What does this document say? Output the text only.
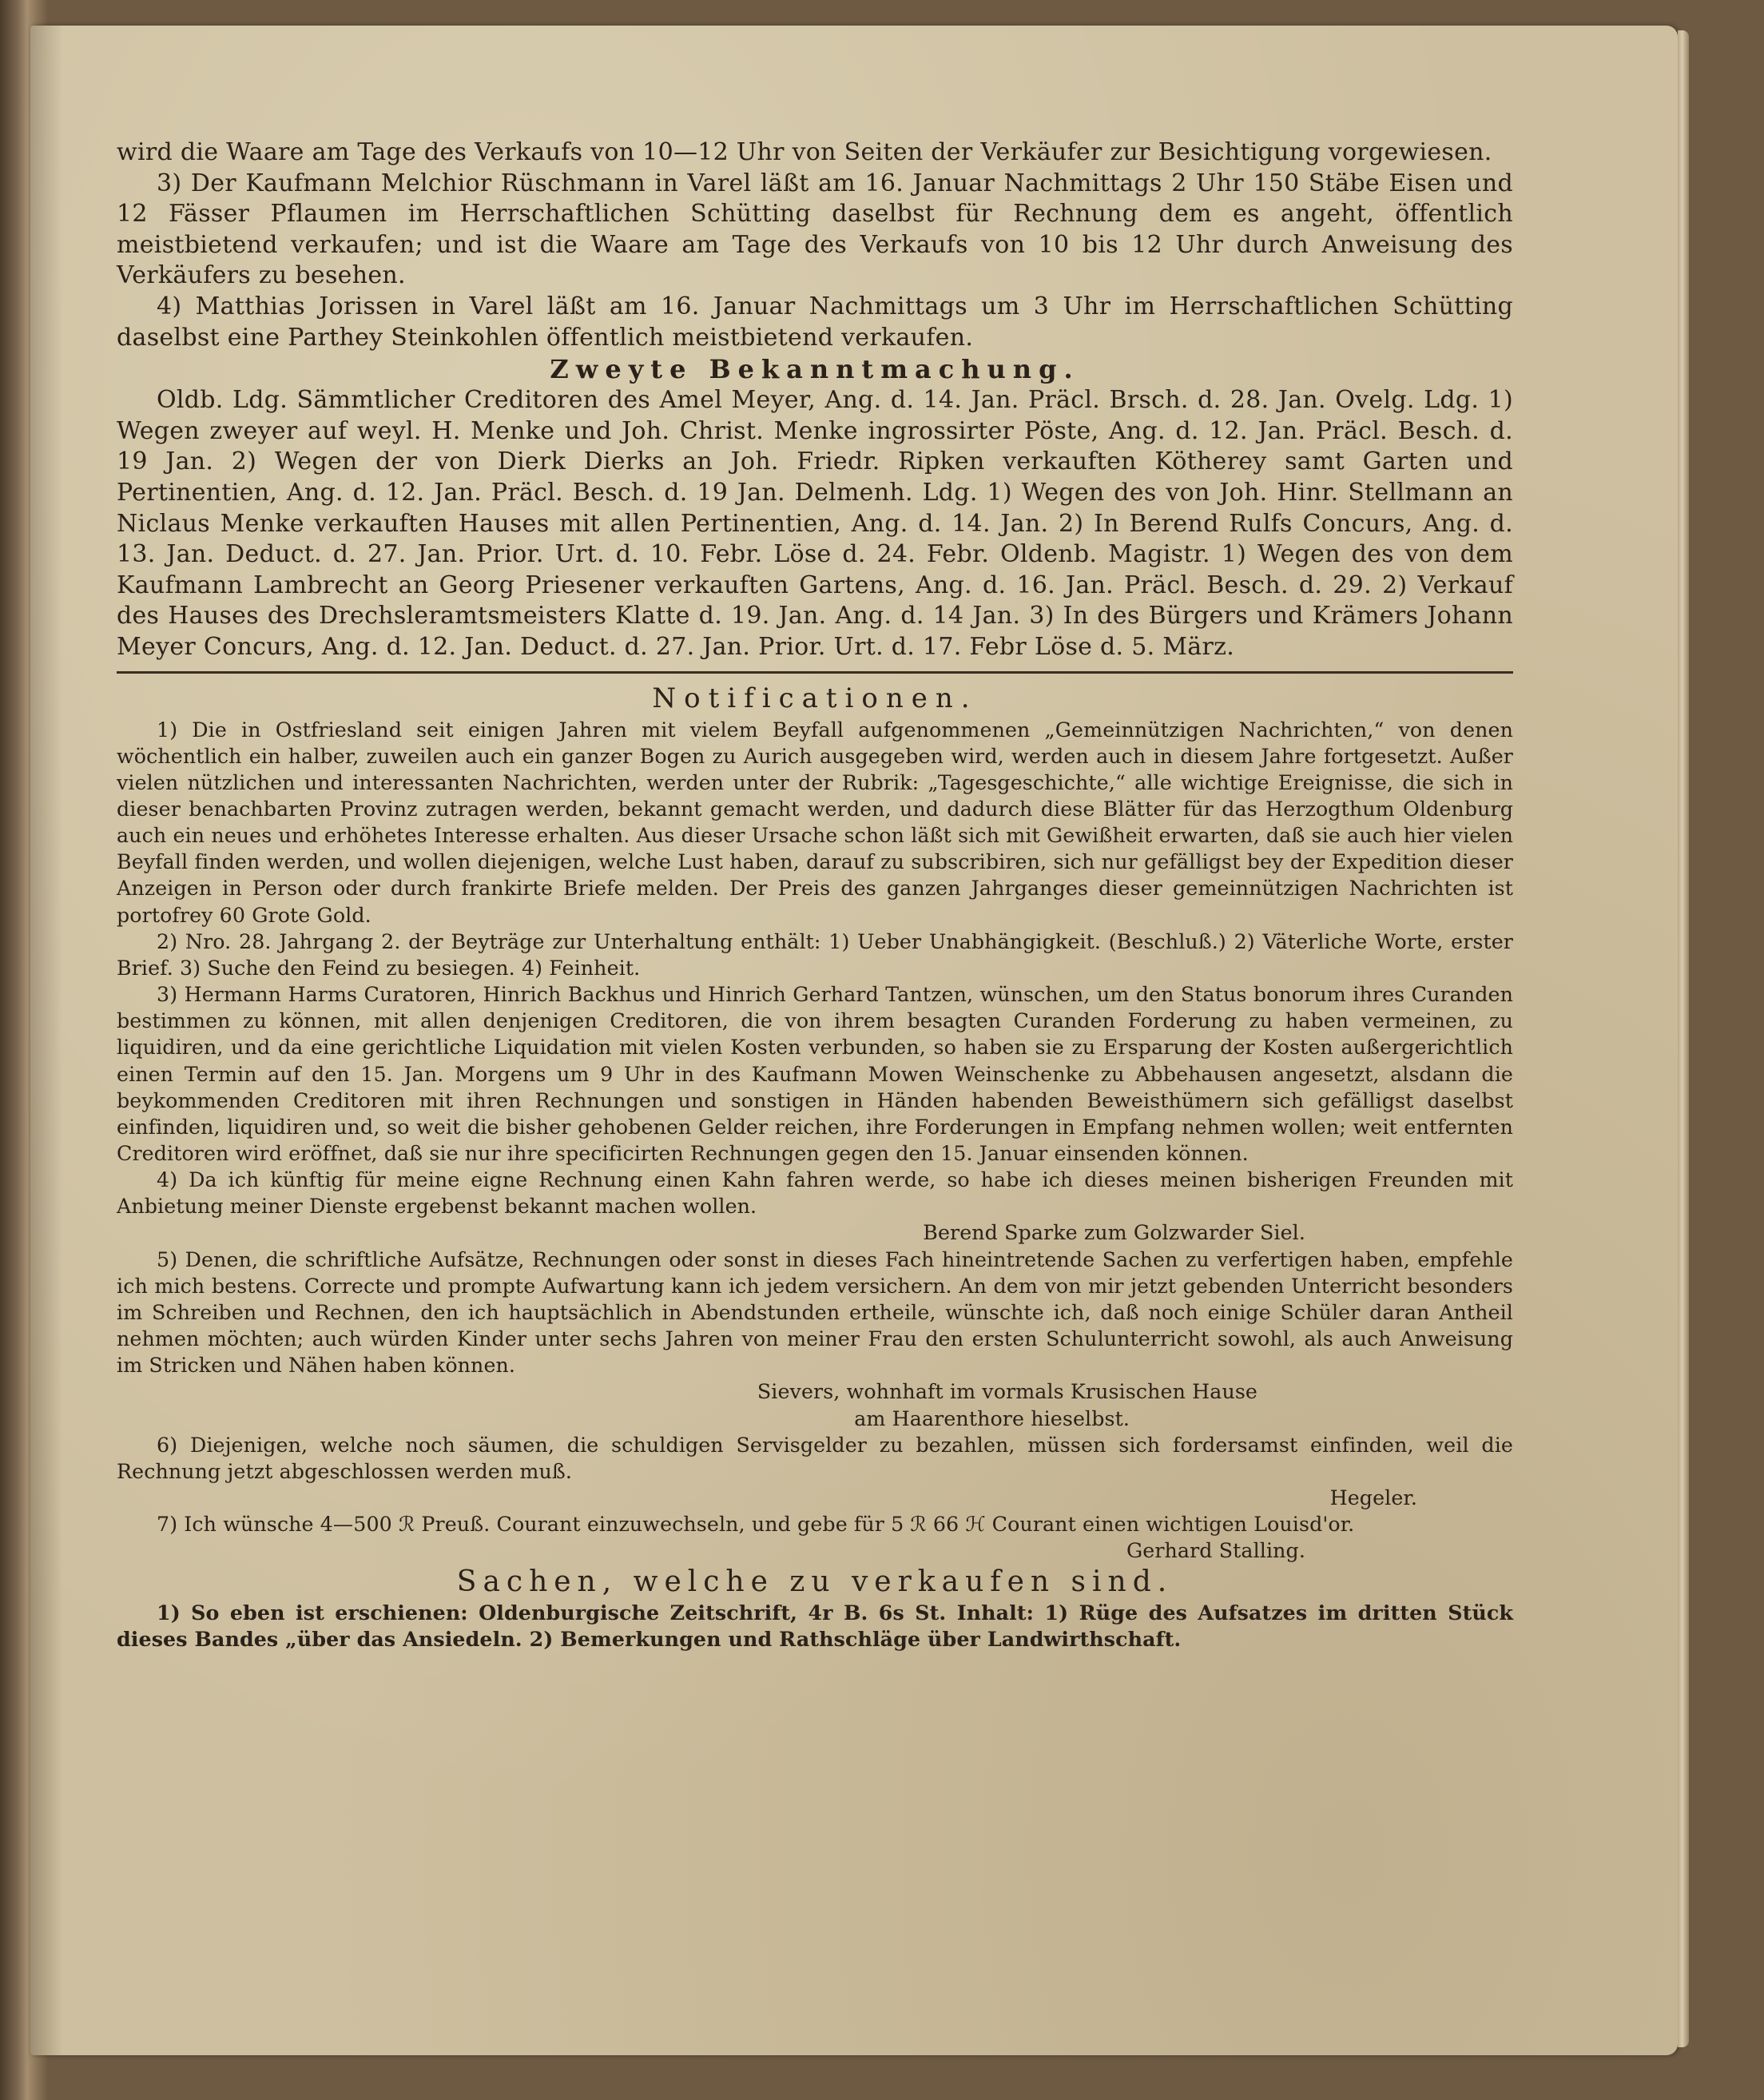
wird die Waare am Tage des Verkaufs von 10—12 Uhr von Seiten der Verkäufer zur Besichtigung vorgewiesen.

3) Der Kaufmann Melchior Rüschmann in Varel läßt am 16. Januar Nachmittags 2 Uhr 150 Stäbe Eisen und 12 Fässer Pflaumen im Herrschaftlichen Schütting daselbst für Rechnung dem es angeht, öffentlich meistbietend verkaufen; und ist die Waare am Tage des Verkaufs von 10 bis 12 Uhr durch Anweisung des Verkäufers zu besehen.

4) Matthias Jorissen in Varel läßt am 16. Januar Nachmittags um 3 Uhr im Herrschaftlichen Schütting daselbst eine Parthey Steinkohlen öffentlich meistbietend verkaufen.

Zweyte Bekanntmachung.

Oldb. Ldg. Sämmtlicher Creditoren des Amel Meyer, Ang. d. 14. Jan. Präcl. Brsch. d. 28. Jan. Ovelg. Ldg. 1) Wegen zweyer auf weyl. H. Menke und Joh. Christ. Menke ingrossirter Pöste, Ang. d. 12. Jan. Präcl. Besch. d. 19 Jan. 2) Wegen der von Dierk Dierks an Joh. Friedr. Ripken verkauften Kötherey samt Garten und Pertinentien, Ang. d. 12. Jan. Präcl. Besch. d. 19 Jan. Delmenh. Ldg. 1) Wegen des von Joh. Hinr. Stellmann an Niclaus Menke verkauften Hauses mit allen Pertinentien, Ang. d. 14. Jan. 2) In Berend Rulfs Concurs, Ang. d. 13. Jan. Deduct. d. 27. Jan. Prior. Urt. d. 10. Febr. Löse d. 24. Febr. Oldenb. Magistr. 1) Wegen des von dem Kaufmann Lambrecht an Georg Priesener verkauften Gartens, Ang. d. 16. Jan. Präcl. Besch. d. 29. 2) Verkauf des Hauses des Drechsleramtsmeisters Klatte d. 19. Jan. Ang. d. 14 Jan. 3) In des Bürgers und Krämers Johann Meyer Concurs, Ang. d. 12. Jan. Deduct. d. 27. Jan. Prior. Urt. d. 17. Febr Löse d. 5. März.

Notificationen.

1) Die in Ostfriesland seit einigen Jahren mit vielem Beyfall aufgenommenen „Gemeinnützigen Nachrichten,“ von denen wöchentlich ein halber, zuweilen auch ein ganzer Bogen zu Aurich ausgegeben wird, werden auch in diesem Jahre fortgesetzt. Außer vielen nützlichen und interessanten Nachrichten, werden unter der Rubrik: „Tagesgeschichte,“ alle wichtige Ereignisse, die sich in dieser benachbarten Provinz zutragen werden, bekannt gemacht werden, und dadurch diese Blätter für das Herzogthum Oldenburg auch ein neues und erhöhetes Interesse erhalten. Aus dieser Ursache schon läßt sich mit Gewißheit erwarten, daß sie auch hier vielen Beyfall finden werden, und wollen diejenigen, welche Lust haben, darauf zu subscribiren, sich nur gefälligst bey der Expedition dieser Anzeigen in Person oder durch frankirte Briefe melden. Der Preis des ganzen Jahrganges dieser gemeinnützigen Nachrichten ist portofrey 60 Grote Gold.

2) Nro. 28. Jahrgang 2. der Beyträge zur Unterhaltung enthält: 1) Ueber Unabhängigkeit. (Beschluß.) 2) Väterliche Worte, erster Brief. 3) Suche den Feind zu besiegen. 4) Feinheit.

3) Hermann Harms Curatoren, Hinrich Backhus und Hinrich Gerhard Tantzen, wünschen, um den Status bonorum ihres Curanden bestimmen zu können, mit allen denjenigen Creditoren, die von ihrem besagten Curanden Forderung zu haben vermeinen, zu liquidiren, und da eine gerichtliche Liquidation mit vielen Kosten verbunden, so haben sie zu Ersparung der Kosten außergerichtlich einen Termin auf den 15. Jan. Morgens um 9 Uhr in des Kaufmann Mowen Weinschenke zu Abbehausen angesetzt, alsdann die beykommenden Creditoren mit ihren Rechnungen und sonstigen in Händen habenden Beweisthümern sich gefälligst daselbst einfinden, liquidiren und, so weit die bisher gehobenen Gelder reichen, ihre Forderungen in Empfang nehmen wollen; weit entfernten Creditoren wird eröffnet, daß sie nur ihre specificirten Rechnungen gegen den 15. Januar einsenden können.

4) Da ich künftig für meine eigne Rechnung einen Kahn fahren werde, so habe ich dieses meinen bisherigen Freunden mit Anbietung meiner Dienste ergebenst bekannt machen wollen.

Berend Sparke zum Golzwarder Siel.

5) Denen, die schriftliche Aufsätze, Rechnungen oder sonst in dieses Fach hineintretende Sachen zu verfertigen haben, empfehle ich mich bestens. Correcte und prompte Aufwartung kann ich jedem versichern. An dem von mir jetzt gebenden Unterricht besonders im Schreiben und Rechnen, den ich hauptsächlich in Abendstunden ertheile, wünschte ich, daß noch einige Schüler daran Antheil nehmen möchten; auch würden Kinder unter sechs Jahren von meiner Frau den ersten Schulunterricht sowohl, als auch Anweisung im Stricken und Nähen haben können.

Sievers, wohnhaft im vormals Krusischen Hause

am Haarenthore hieselbst.

6) Diejenigen, welche noch säumen, die schuldigen Servisgelder zu bezahlen, müssen sich fordersamst einfinden, weil die Rechnung jetzt abgeschlossen werden muß.

Hegeler.

7) Ich wünsche 4—500 ℛ Preuß. Courant einzuwechseln, und gebe für 5 ℛ 66 ℋ Courant einen wichtigen Louisd'or.

Gerhard Stalling.

Sachen, welche zu verkaufen sind.

1) So eben ist erschienen: Oldenburgische Zeitschrift, 4r B. 6s St. Inhalt: 1) Rüge des Aufsatzes im dritten Stück dieses Bandes „über das Ansiedeln. 2) Bemerkungen und Rathschläge über Landwirthschaft.
